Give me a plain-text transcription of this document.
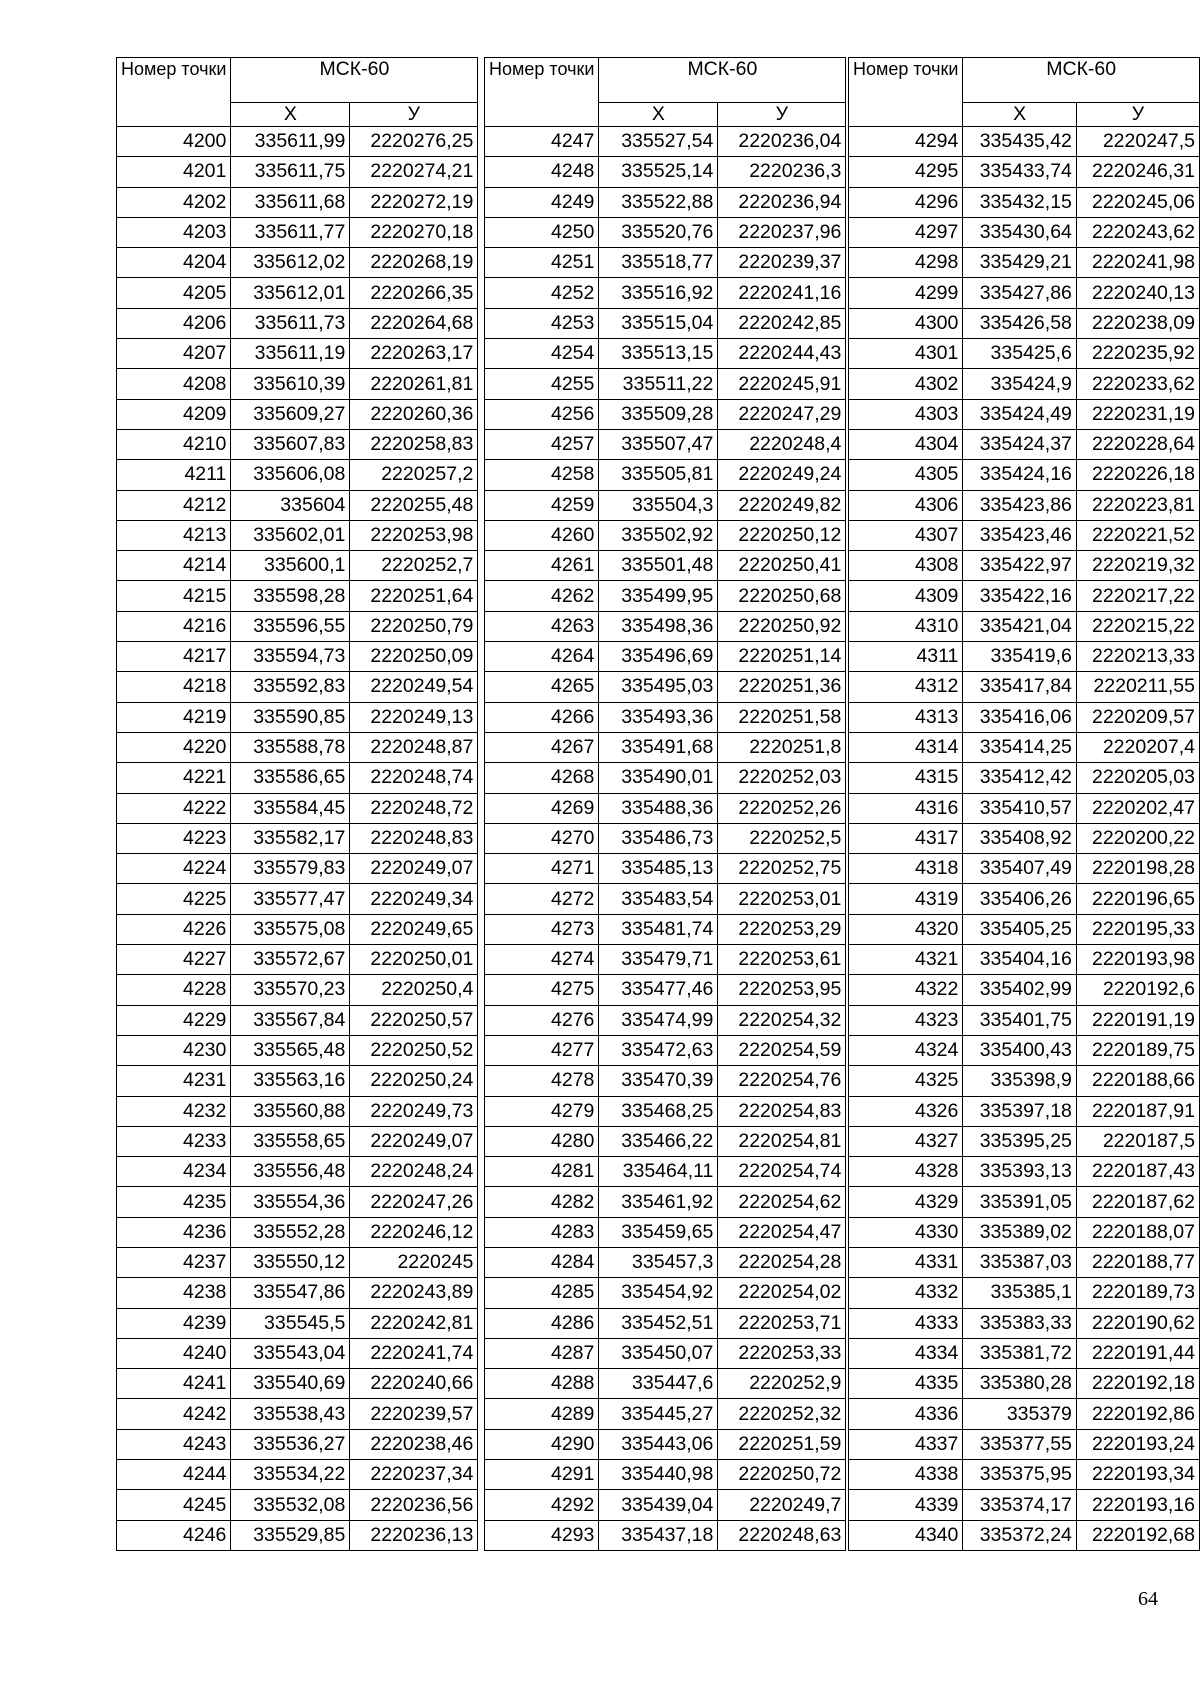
Номер точки	МСК-60	
	Х	У
4200	335611,99	2220276,25
4201	335611,75	2220274,21
4202	335611,68	2220272,19
4203	335611,77	2220270,18
4204	335612,02	2220268,19
4205	335612,01	2220266,35
4206	335611,73	2220264,68
4207	335611,19	2220263,17
4208	335610,39	2220261,81
4209	335609,27	2220260,36
4210	335607,83	2220258,83
4211	335606,08	2220257,2
4212	335604	2220255,48
4213	335602,01	2220253,98
4214	335600,1	2220252,7
4215	335598,28	2220251,64
4216	335596,55	2220250,79
4217	335594,73	2220250,09
4218	335592,83	2220249,54
4219	335590,85	2220249,13
4220	335588,78	2220248,87
4221	335586,65	2220248,74
4222	335584,45	2220248,72
4223	335582,17	2220248,83
4224	335579,83	2220249,07
4225	335577,47	2220249,34
4226	335575,08	2220249,65
4227	335572,67	2220250,01
4228	335570,23	2220250,4
4229	335567,84	2220250,57
4230	335565,48	2220250,52
4231	335563,16	2220250,24
4232	335560,88	2220249,73
4233	335558,65	2220249,07
4234	335556,48	2220248,24
4235	335554,36	2220247,26
4236	335552,28	2220246,12
4237	335550,12	2220245
4238	335547,86	2220243,89
4239	335545,5	2220242,81
4240	335543,04	2220241,74
4241	335540,69	2220240,66
4242	335538,43	2220239,57
4243	335536,27	2220238,46
4244	335534,22	2220237,34
4245	335532,08	2220236,56
4246	335529,85	2220236,13
Номер точки	МСК-60	
	Х	У
4247	335527,54	2220236,04
4248	335525,14	2220236,3
4249	335522,88	2220236,94
4250	335520,76	2220237,96
4251	335518,77	2220239,37
4252	335516,92	2220241,16
4253	335515,04	2220242,85
4254	335513,15	2220244,43
4255	335511,22	2220245,91
4256	335509,28	2220247,29
4257	335507,47	2220248,4
4258	335505,81	2220249,24
4259	335504,3	2220249,82
4260	335502,92	2220250,12
4261	335501,48	2220250,41
4262	335499,95	2220250,68
4263	335498,36	2220250,92
4264	335496,69	2220251,14
4265	335495,03	2220251,36
4266	335493,36	2220251,58
4267	335491,68	2220251,8
4268	335490,01	2220252,03
4269	335488,36	2220252,26
4270	335486,73	2220252,5
4271	335485,13	2220252,75
4272	335483,54	2220253,01
4273	335481,74	2220253,29
4274	335479,71	2220253,61
4275	335477,46	2220253,95
4276	335474,99	2220254,32
4277	335472,63	2220254,59
4278	335470,39	2220254,76
4279	335468,25	2220254,83
4280	335466,22	2220254,81
4281	335464,11	2220254,74
4282	335461,92	2220254,62
4283	335459,65	2220254,47
4284	335457,3	2220254,28
4285	335454,92	2220254,02
4286	335452,51	2220253,71
4287	335450,07	2220253,33
4288	335447,6	2220252,9
4289	335445,27	2220252,32
4290	335443,06	2220251,59
4291	335440,98	2220250,72
4292	335439,04	2220249,7
4293	335437,18	2220248,63
Номер точки	МСК-60	
	Х	У
4294	335435,42	2220247,5
4295	335433,74	2220246,31
4296	335432,15	2220245,06
4297	335430,64	2220243,62
4298	335429,21	2220241,98
4299	335427,86	2220240,13
4300	335426,58	2220238,09
4301	335425,6	2220235,92
4302	335424,9	2220233,62
4303	335424,49	2220231,19
4304	335424,37	2220228,64
4305	335424,16	2220226,18
4306	335423,86	2220223,81
4307	335423,46	2220221,52
4308	335422,97	2220219,32
4309	335422,16	2220217,22
4310	335421,04	2220215,22
4311	335419,6	2220213,33
4312	335417,84	2220211,55
4313	335416,06	2220209,57
4314	335414,25	2220207,4
4315	335412,42	2220205,03
4316	335410,57	2220202,47
4317	335408,92	2220200,22
4318	335407,49	2220198,28
4319	335406,26	2220196,65
4320	335405,25	2220195,33
4321	335404,16	2220193,98
4322	335402,99	2220192,6
4323	335401,75	2220191,19
4324	335400,43	2220189,75
4325	335398,9	2220188,66
4326	335397,18	2220187,91
4327	335395,25	2220187,5
4328	335393,13	2220187,43
4329	335391,05	2220187,62
4330	335389,02	2220188,07
4331	335387,03	2220188,77
4332	335385,1	2220189,73
4333	335383,33	2220190,62
4334	335381,72	2220191,44
4335	335380,28	2220192,18
4336	335379	2220192,86
4337	335377,55	2220193,24
4338	335375,95	2220193,34
4339	335374,17	2220193,16
4340	335372,24	2220192,68
64
